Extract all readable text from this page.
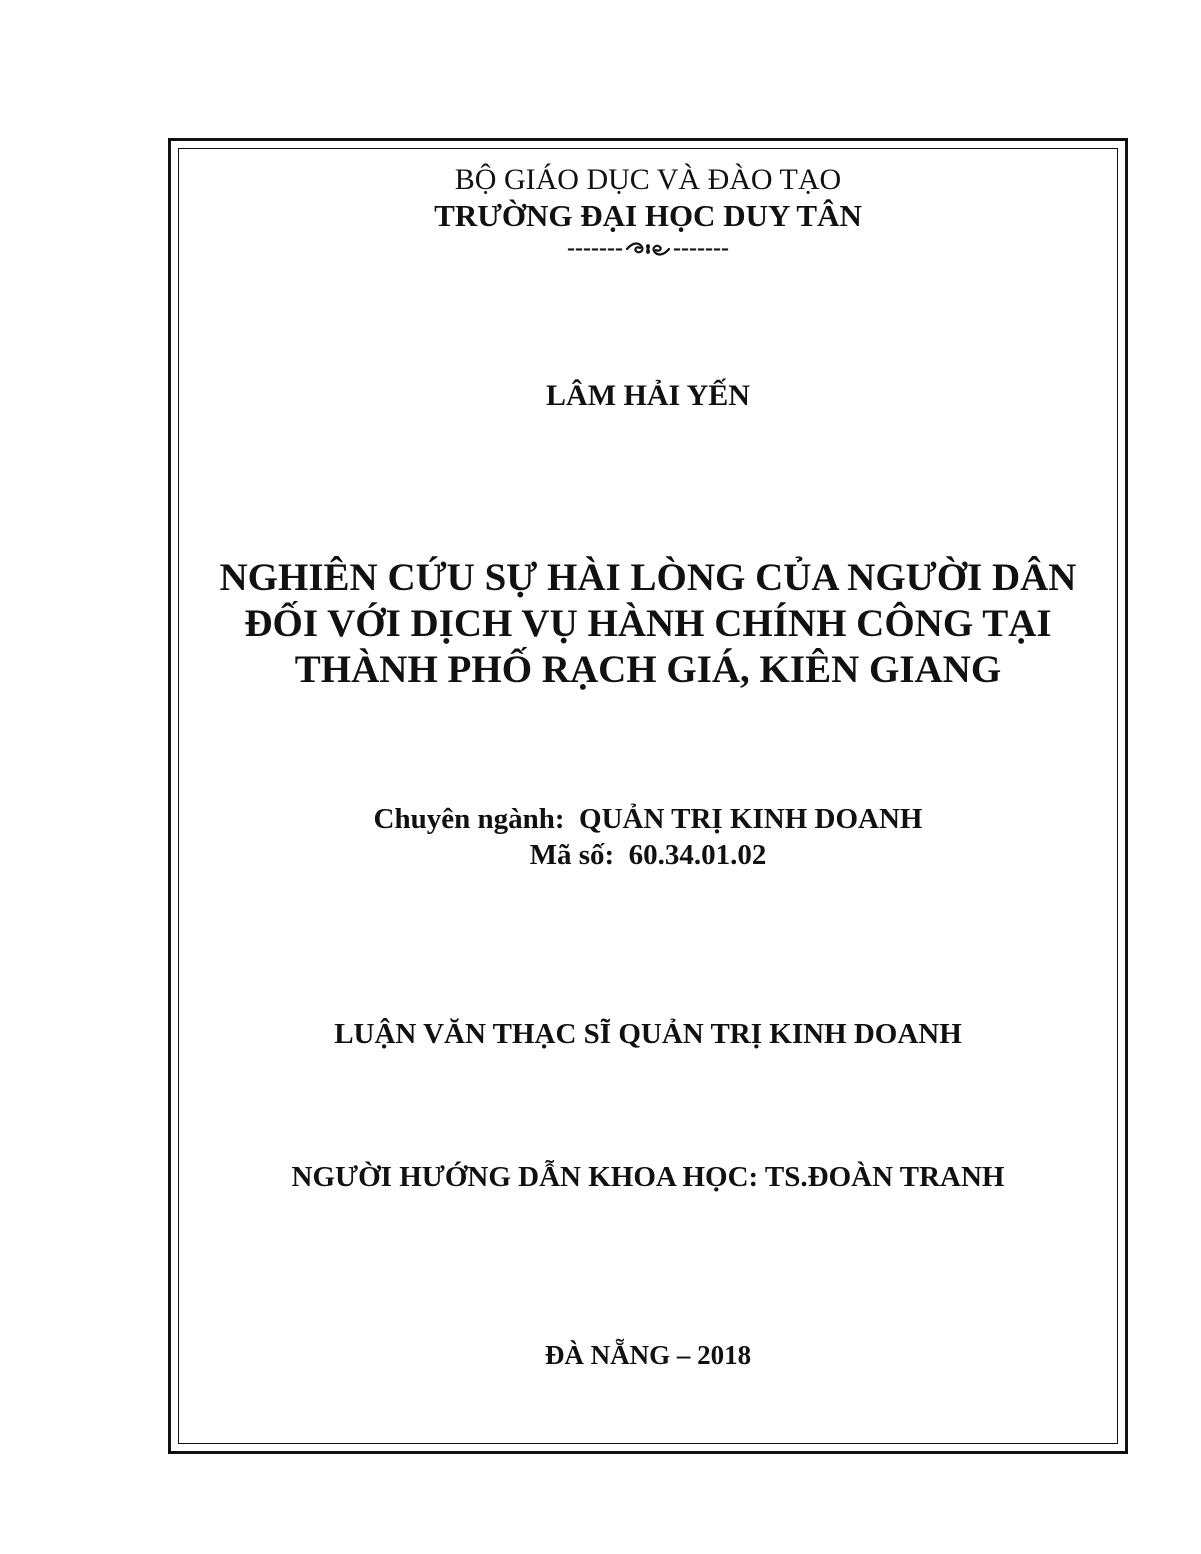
BỘ GIÁO DỤC VÀ ĐÀO TẠO
TRƯỜNG ĐẠI HỌC DUY TÂN
------- -------
LÂM HẢI YẾN
NGHIÊN CỨU SỰ HÀI LÒNG CỦA NGƯỜI DÂN
ĐỐI VỚI DỊCH VỤ HÀNH CHÍNH CÔNG TẠI
THÀNH PHỐ RẠCH GIÁ, KIÊN GIANG
Chuyên ngành: QUẢN TRỊ KINH DOANH
Mã số: 60.34.01.02
LUẬN VĂN THẠC SĨ QUẢN TRỊ KINH DOANH
NGƯỜI HƯỚNG DẪN KHOA HỌC: TS.ĐOÀN TRANH
ĐÀ NẴNG – 2018
